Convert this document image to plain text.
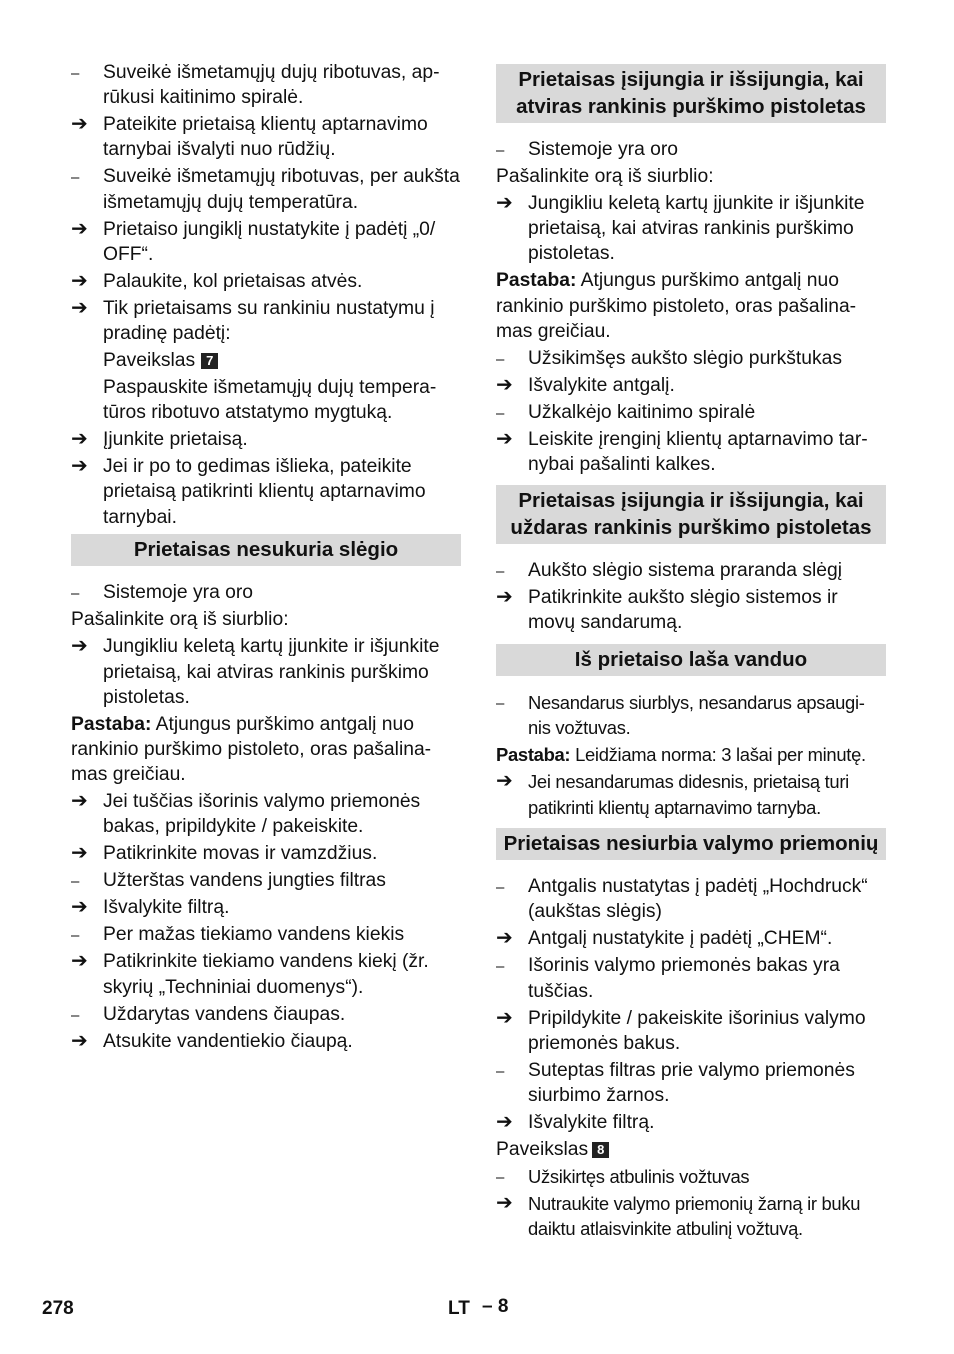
– Suveikė išmetamųjų dujų ribotuvas, ap-rūkusi kaitinimo spiralė.
➔ Pateikite prietaisą klientų aptarnavimo tarnybai išvalyti nuo rūdžių.
– Suveikė išmetamųjų ribotuvas, per aukšta išmetamųjų dujų temperatūra.
➔ Prietaiso jungiklį nustatykite į padėtį „0/ OFF“.
➔ Palaukite, kol prietaisas atvės.
➔ Tik prietaisams su rankiniu nustatymu į pradinę padėtį:
Paveikslas 7
Paspauskite išmetamųjų dujų tempera-tūros ribotuvo atstatymo mygtuką.
➔ Įjunkite prietaisą.
➔ Jei ir po to gedimas išlieka, pateikite prietaisą patikrinti klientų aptarnavimo tarnybai.
Prietaisas nesukuria slėgio
– Sistemoje yra oro
Pašalinkite orą iš siurblio:
➔ Jungikliu keletą kartų įjunkite ir išjunkite prietaisą, kai atviras rankinis purškimo pistoletas.
Pastaba: Atjungus purškimo antgalį nuo rankinio purškimo pistoleto, oras pašalina-mas greičiau.
➔ Jei tuščias išorinis valymo priemonės bakas, pripildykite / pakeiskite.
➔ Patikrinkite movas ir vamzdžius.
– Užterštas vandens jungties filtras
➔ Išvalykite filtrą.
– Per mažas tiekiamo vandens kiekis
➔ Patikrinkite tiekiamo vandens kiekį (žr. skyrių „Techniniai duomenys“).
– Uždarytas vandens čiaupas.
➔ Atsukite vandentiekio čiaupą.
Prietaisas įsijungia ir išsijungia, kai atviras rankinis purškimo pistoletas
– Sistemoje yra oro
Pašalinkite orą iš siurblio:
➔ Jungikliu keletą kartų įjunkite ir išjunkite prietaisą, kai atviras rankinis purškimo pistoletas.
Pastaba: Atjungus purškimo antgalį nuo rankinio purškimo pistoleto, oras pašalina-mas greičiau.
– Užsikimšęs aukšto slėgio purkštukas
➔ Išvalykite antgalį.
– Užkalkėjo kaitinimo spiralė
➔ Leiskite įrenginį klientų aptarnavimo tar-nybai pašalinti kalkes.
Prietaisas įsijungia ir išsijungia, kai uždaras rankinis purškimo pistoletas
– Aukšto slėgio sistema praranda slėgį
➔ Patikrinkite aukšto slėgio sistemos ir movų sandarumą.
Iš prietaiso laša vanduo
– Nesandarus siurblys, nesandarus apsaugi-nis vožtuvas.
Pastaba: Leidžiama norma: 3 lašai per minutę.
➔ Jei nesandarumas didesnis, prietaisą turi patikrinti klientų aptarnavimo tarnyba.
Prietaisas nesiurbia valymo priemonių
– Antgalis nustatytas į padėtį „Hochdruck“ (aukštas slėgis)
➔ Antgalį nustatykite į padėtį „CHEM“.
– Išorinis valymo priemonės bakas yra tuščias.
➔ Pripildykite / pakeiskite išorinius valymo priemonės bakus.
– Suteptas filtras prie valymo priemonės siurbimo žarnos.
➔ Išvalykite filtrą.
Paveikslas 8
– Užsikirtęs atbulinis vožtuvas
➔ Nutraukite valymo priemonių žarną ir buku daiktu atlaisvinkite atbulinį vožtuvą.
278	LT – 8
